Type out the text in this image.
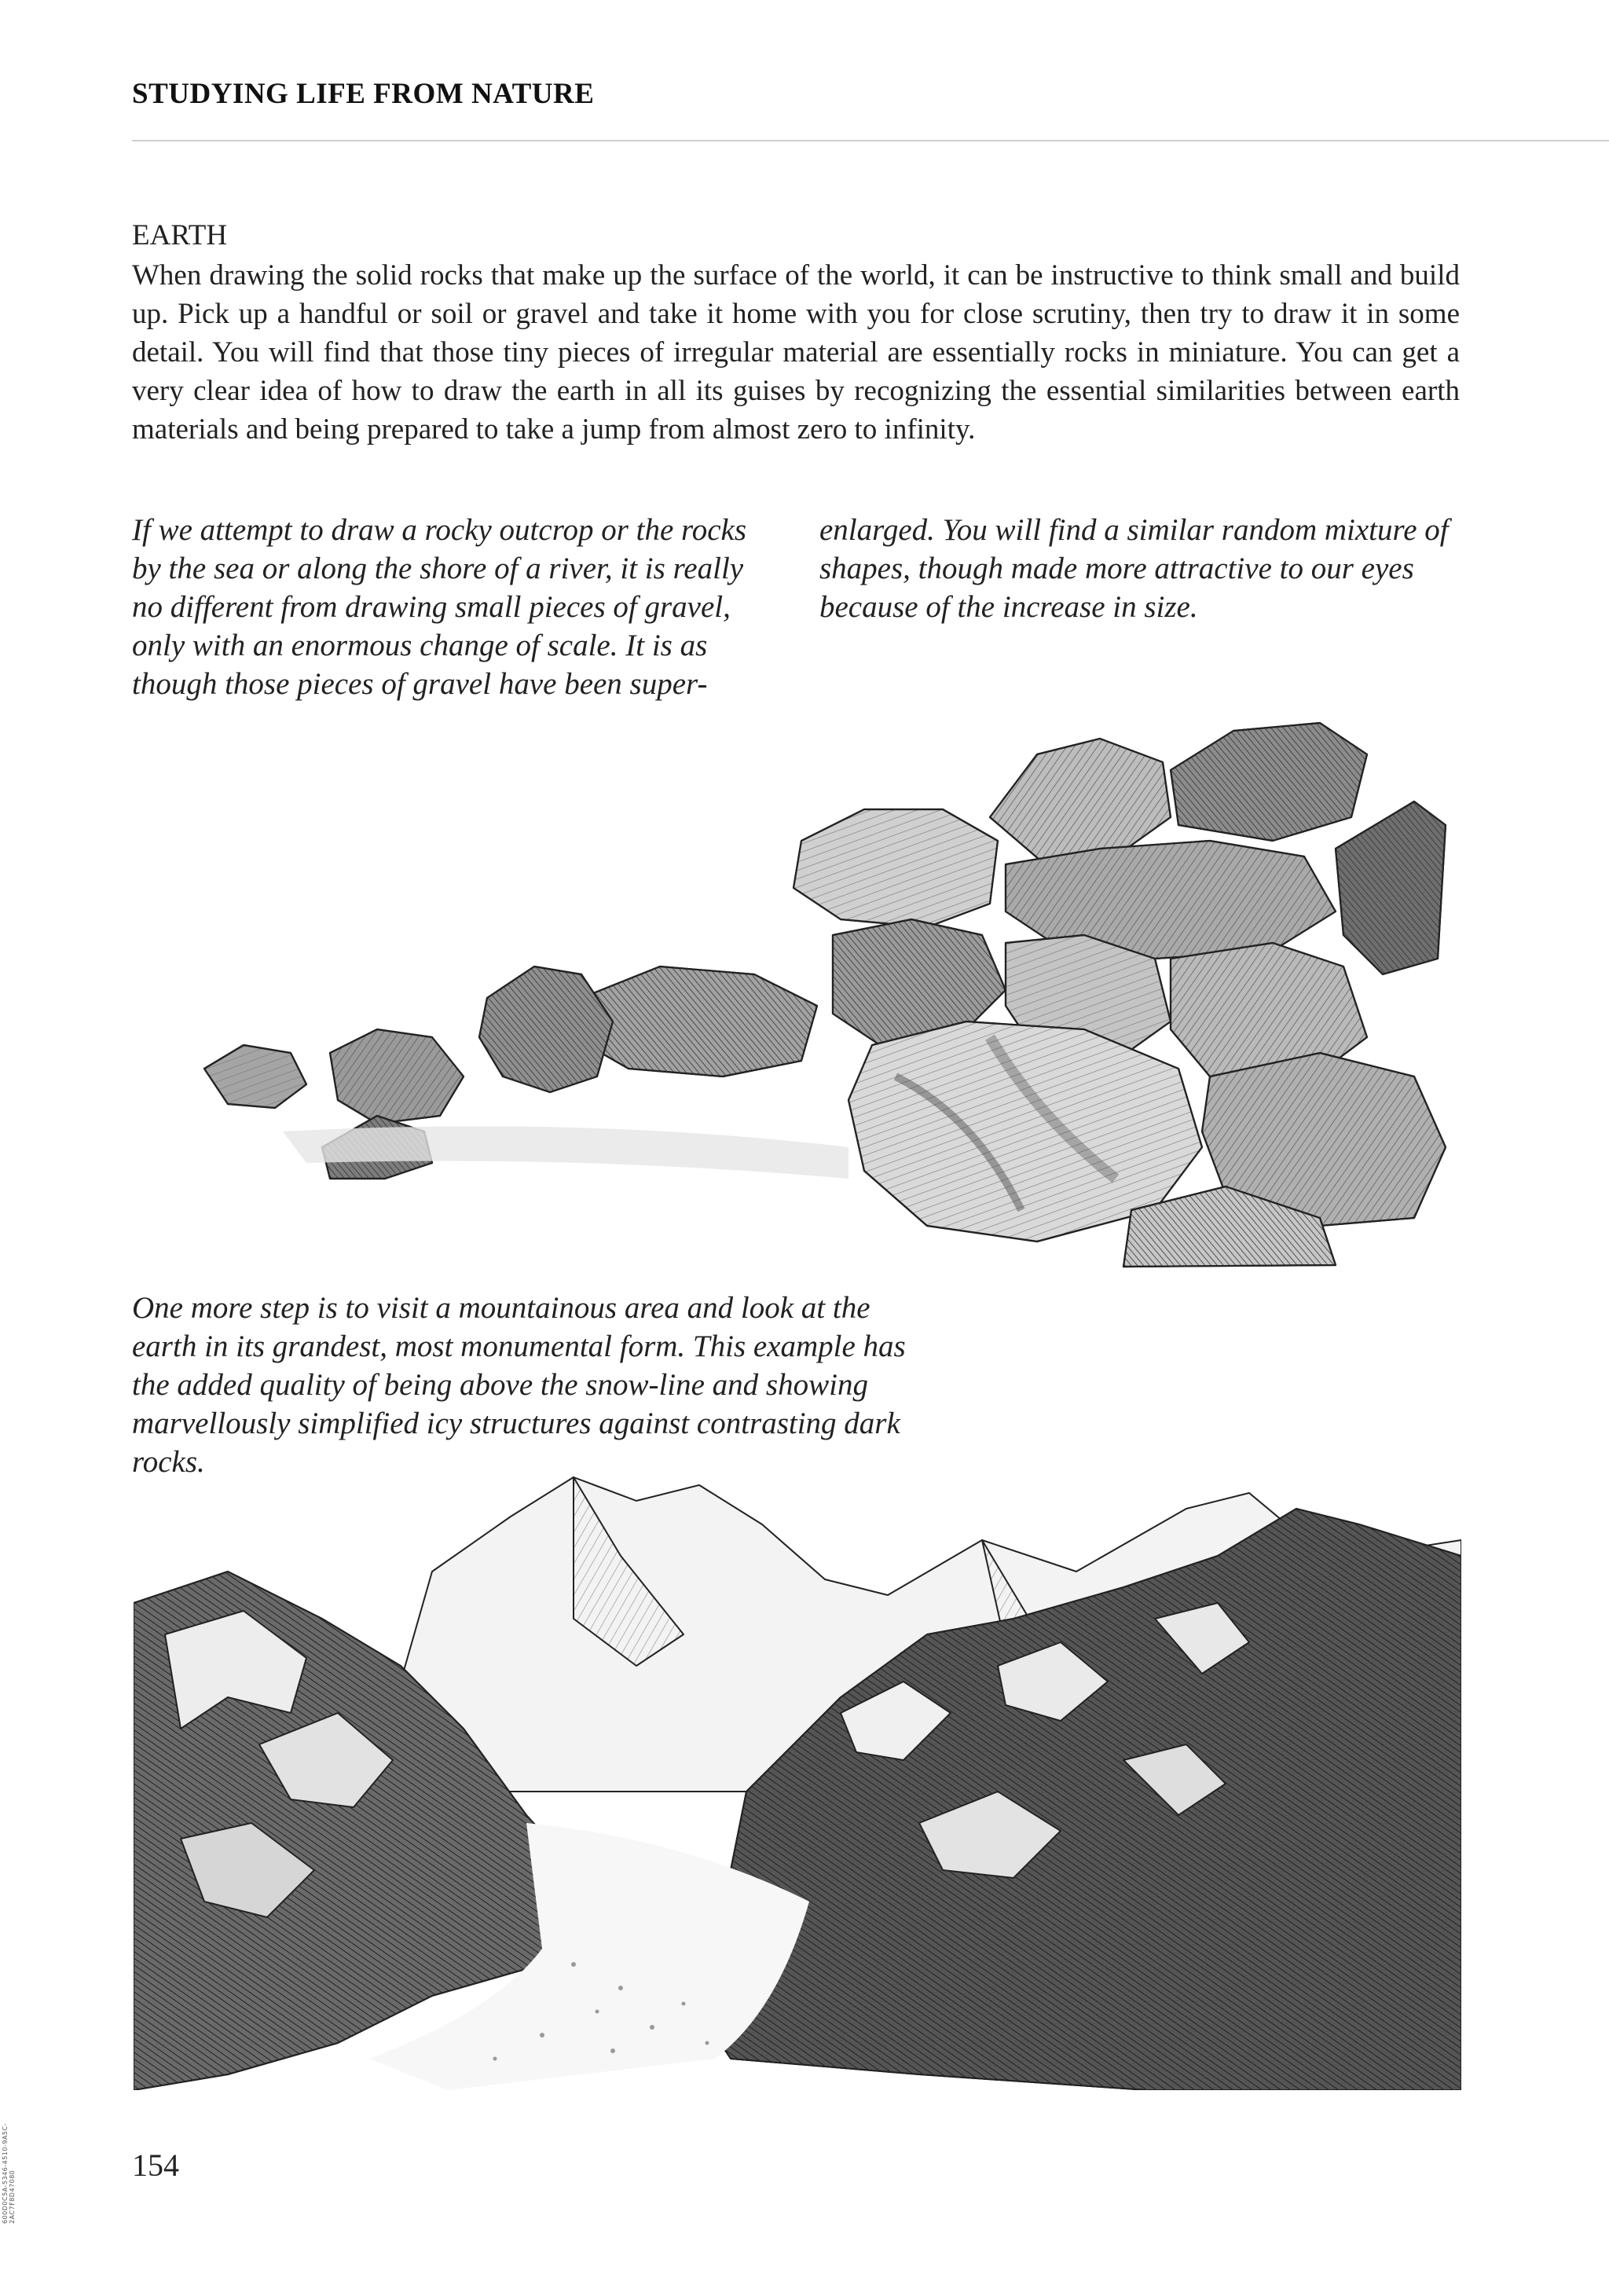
STUDYING LIFE FROM NATURE
EARTH
When drawing the solid rocks that make up the surface of the world, it can be instructive to think small and build up. Pick up a handful or soil or gravel and take it home with you for close scrutiny, then try to draw it in some detail. You will find that those tiny pieces of irregular material are essentially rocks in miniature. You can get a very clear idea of how to draw the earth in all its guises by recognizing the essential similarities between earth materials and being prepared to take a jump from almost zero to infinity.
If we attempt to draw a rocky outcrop or the rocks by the sea or along the shore of a river, it is really no different from drawing small pieces of gravel, only with an enormous change of scale. It is as though those pieces of gravel have been super-enlarged. You will find a similar random mixture of shapes, though made more attractive to our eyes because of the increase in size.
One more step is to visit a mountainous area and look at the earth in its grandest, most monumental form. This example has the added quality of being above the snow-line and showing marvellously simplified icy structures against contrasting dark rocks.
154
600D0C5A-5346-4510-9A5C-2AC7F8D47080
